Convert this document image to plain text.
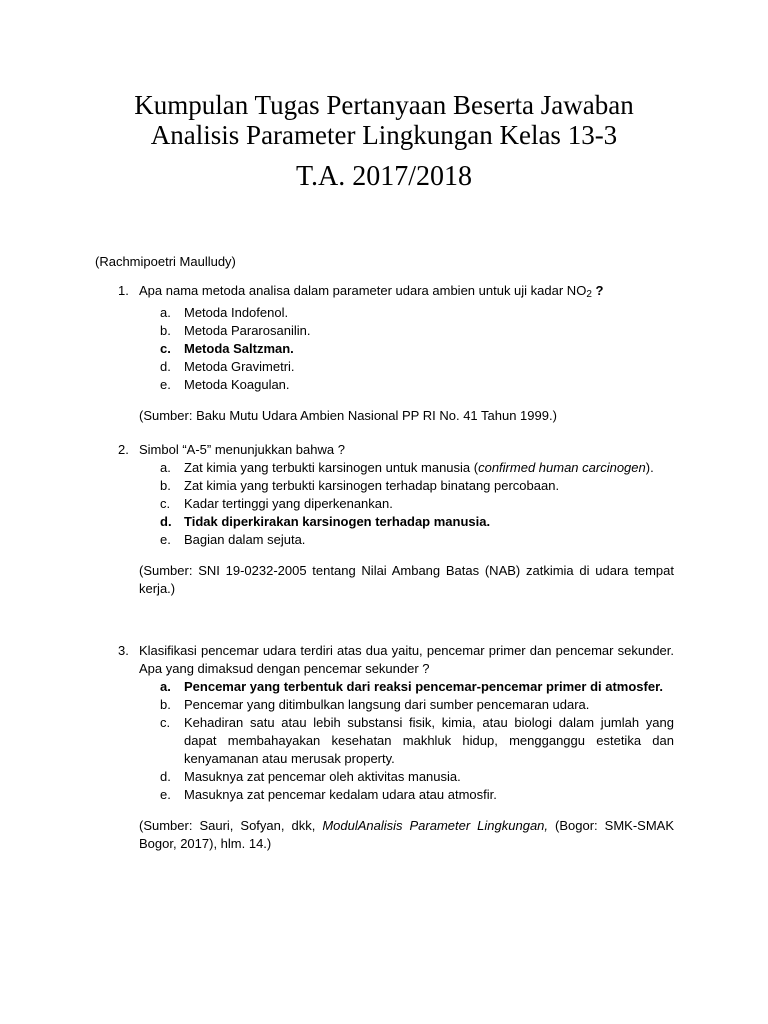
Kumpulan Tugas Pertanyaan Beserta Jawaban
Analisis Parameter Lingkungan Kelas 13-3
T.A. 2017/2018
(Rachmipoetri Maulludy)
1. Apa nama metoda analisa dalam parameter udara ambien untuk uji kadar $NO_2$ ?
a. Metoda Indofenol.
b. Metoda Pararosanilin.
c. Metoda Saltzman.
d. Metoda Gravimetri.
e. Metoda Koagulan.
(Sumber: Baku Mutu Udara Ambien Nasional PP RI No. 41 Tahun 1999.)
2. Simbol “A-5” menunjukkan bahwa ?
a. Zat kimia yang terbukti karsinogen untuk manusia (confirmed human carcinogen).
b. Zat kimia yang terbukti karsinogen terhadap binatang percobaan.
c. Kadar tertinggi yang diperkenankan.
d. Tidak diperkirakan karsinogen terhadap manusia.
e. Bagian dalam sejuta.
(Sumber: SNI 19-0232-2005 tentang Nilai Ambang Batas (NAB) zatkimia di udara tempat kerja.)
3. Klasifikasi pencemar udara terdiri atas dua yaitu, pencemar primer dan pencemar sekunder. Apa yang dimaksud dengan pencemar sekunder ?
a. Pencemar yang terbentuk dari reaksi pencemar-pencemar primer di atmosfer.
b. Pencemar yang ditimbulkan langsung dari sumber pencemaran udara.
c. Kehadiran satu atau lebih substansi fisik, kimia, atau biologi dalam jumlah yang dapat membahayakan kesehatan makhluk hidup, mengganggu estetika dan kenyamanan atau merusak property.
d. Masuknya zat pencemar oleh aktivitas manusia.
e. Masuknya zat pencemar kedalam udara atau atmosfir.
(Sumber: Sauri, Sofyan, dkk, ModulAnalisis Parameter Lingkungan, (Bogor: SMK-SMAK Bogor, 2017), hlm. 14.)
